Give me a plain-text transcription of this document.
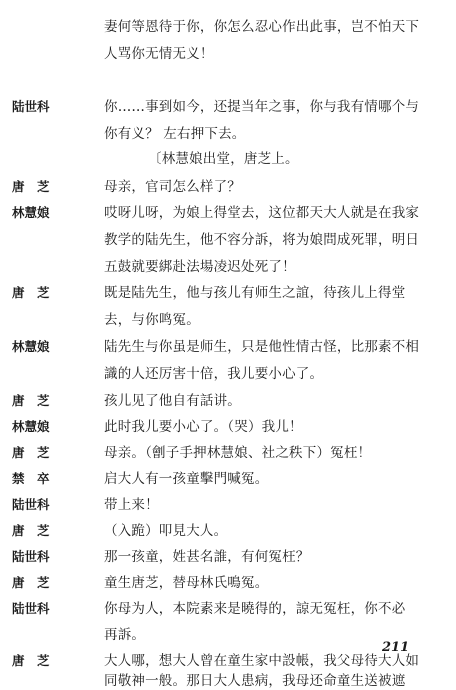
妻何等恩待于你，你怎么忍心作出此事，岂不怕天下
人骂你无情无义！
陆世科	你……事到如今，还提当年之事，你与我有情哪个与
你有义？ 左右押下去。
〔林慧娘出堂，唐芝上。
唐　芝	母亲，官司怎么样了？
林慧娘	哎呀儿呀，为娘上得堂去，这位都天大人就是在我家
教学的陆先生，他不容分訴，将为娘問成死罪，明日
五鼓就要綁赴法場凌迟处死了！
唐　芝	既是陆先生，他与孩儿有师生之誼，待孩儿上得堂
去，与你鸣冤。
林慧娘	陆先生与你虽是师生，只是他性情古怪，比那素不相
識的人还厉害十倍，我儿要小心了。
唐　芝	孩儿见了他自有話讲。
林慧娘	此时我儿要小心了。（哭）我儿！
唐　芝	母亲。（劊子手押林慧娘、社之秩下）冤枉！
禁　卒	启大人有一孩童擊門喊冤。
陆世科	带上来！
唐　芝	（入跪）叩見大人。
陆世科	那一孩童，姓甚名誰，有何冤枉？
唐　芝	童生唐芝，替母林氏鳴冤。
陆世科	你母为人，本院素来是曉得的，諒无冤枉，你不必
再訴。
唐　芝	大人哪，想大人曾在童生家中設帳，我父母待大人如
同敬神一般。那日大人患病，我母还命童生送被遮
211
